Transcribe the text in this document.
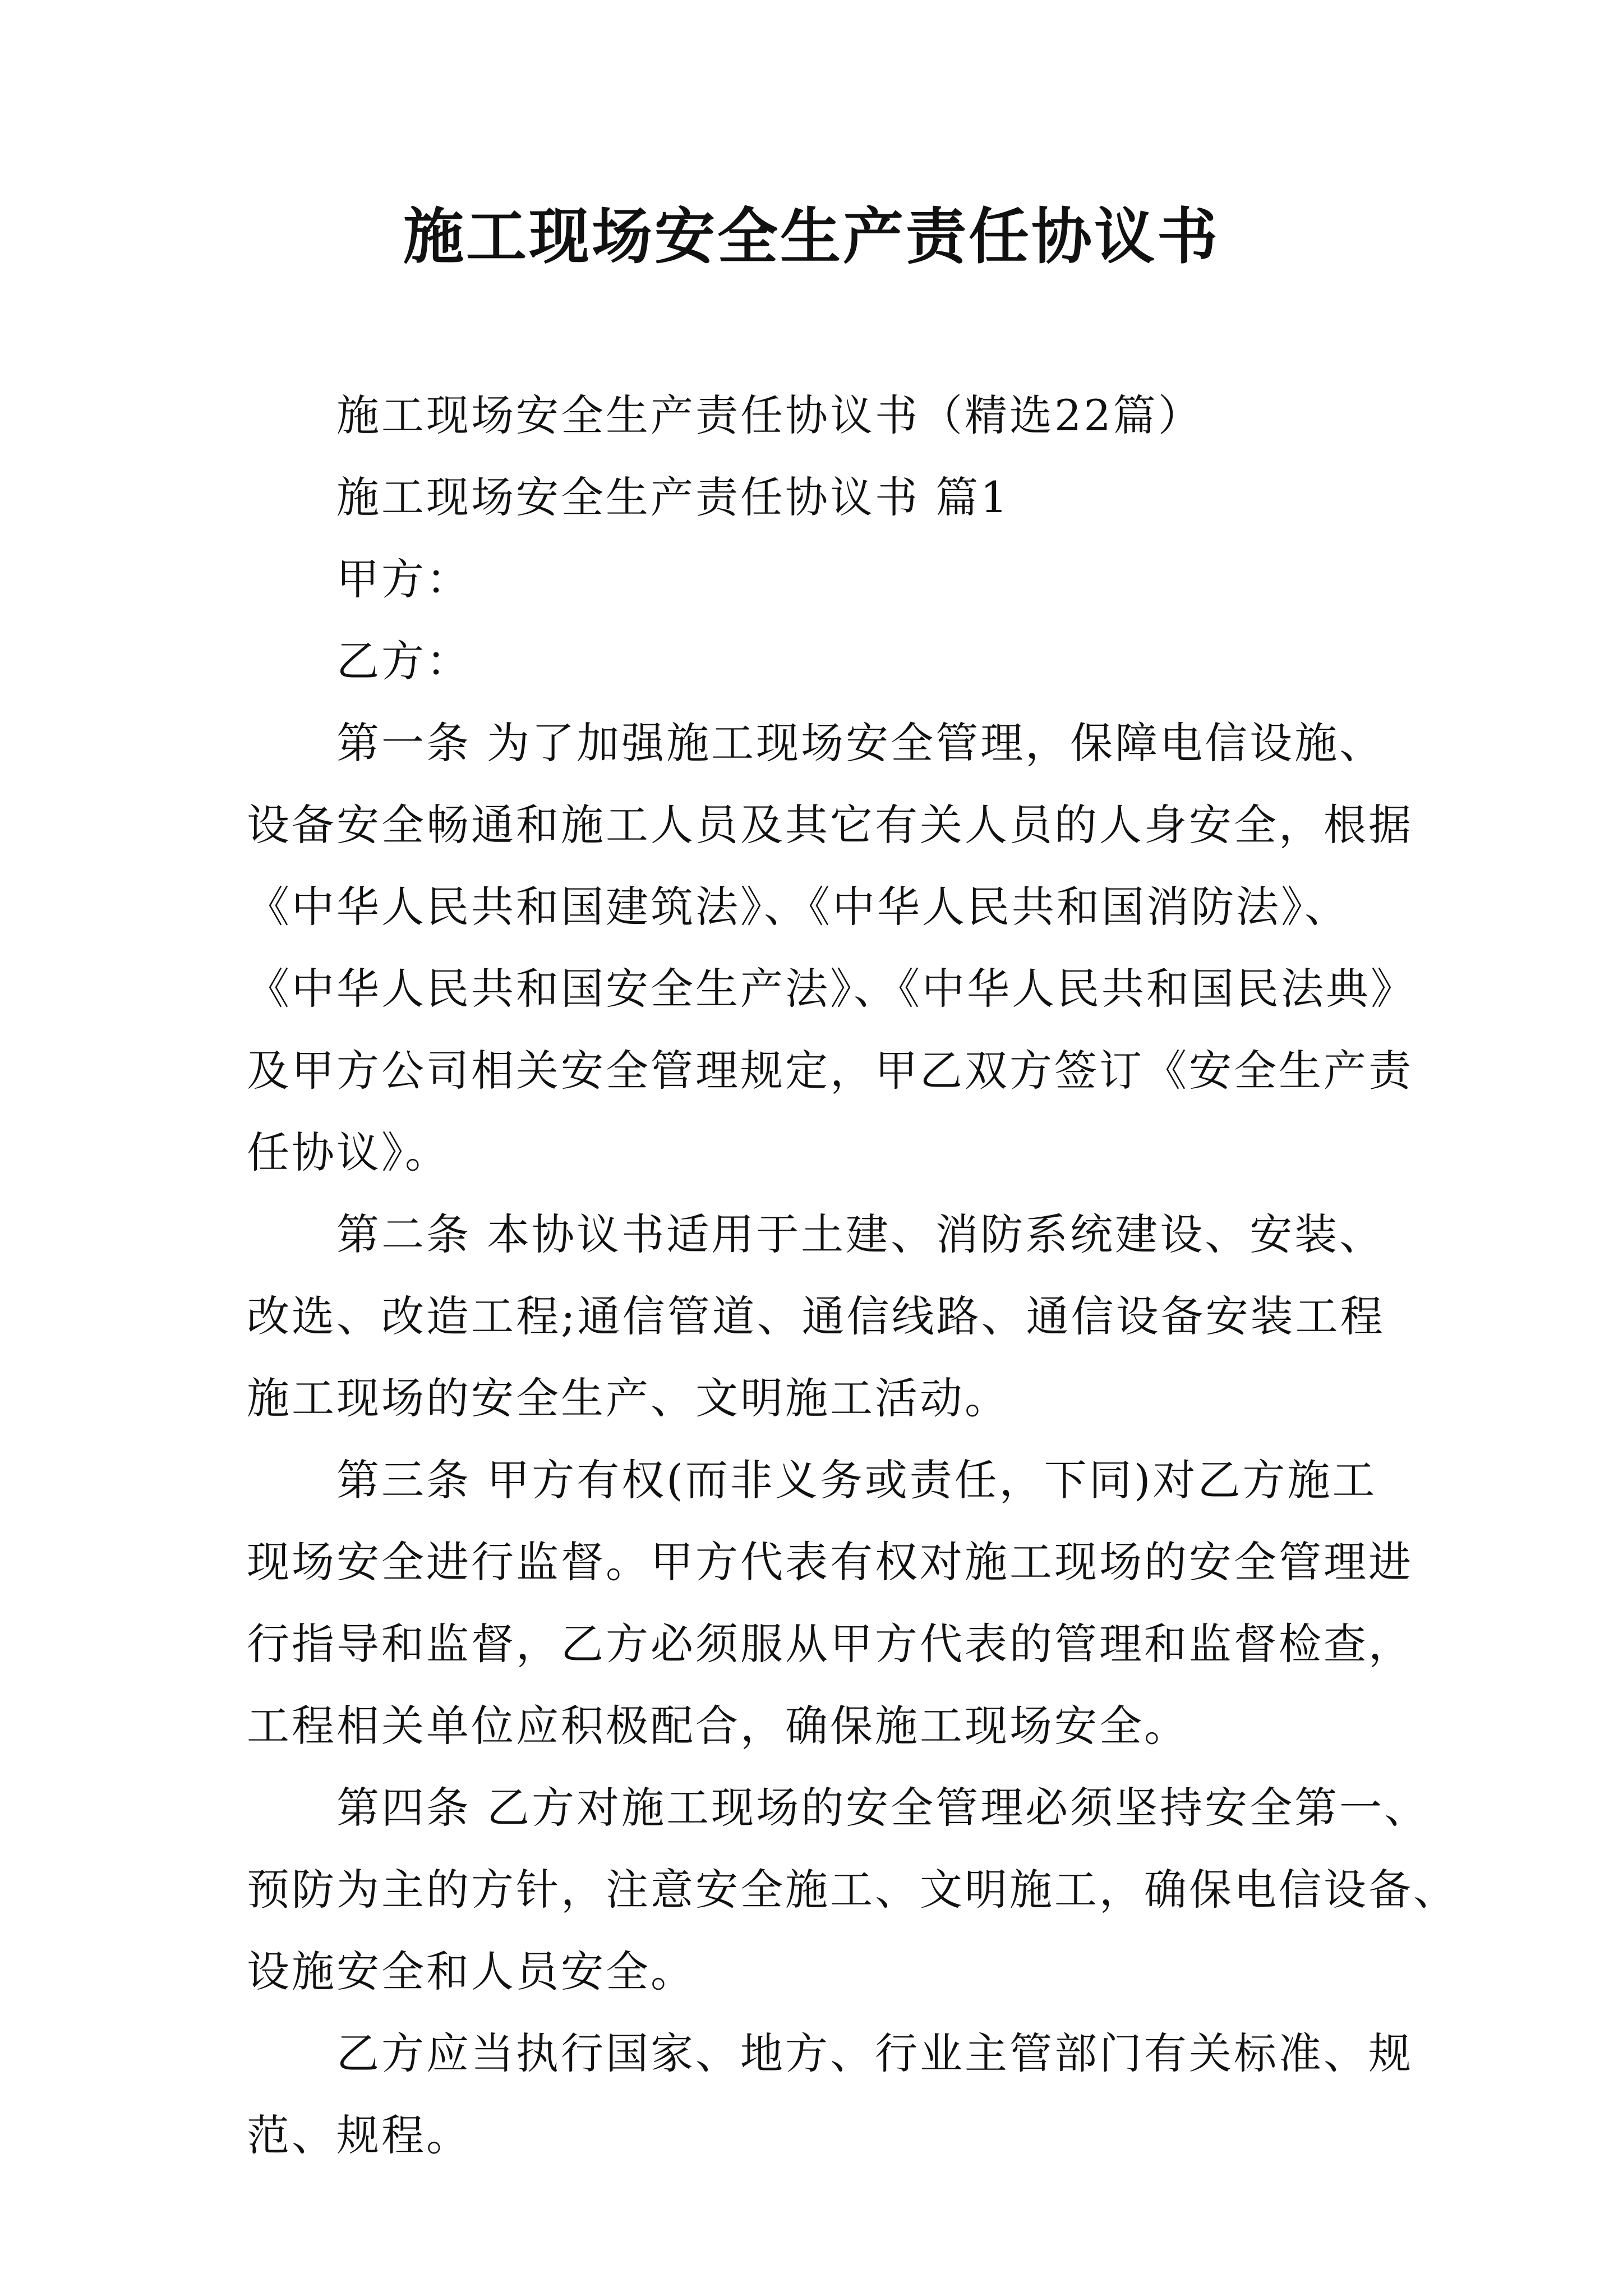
施工现场安全生产责任协议书

施工现场安全生产责任协议书（精选22篇）

施工现场安全生产责任协议书 篇1

甲方：

乙方：

第一条 为了加强施工现场安全管理，保障电信设施、
设备安全畅通和施工人员及其它有关人员的人身安全，根据
《中华人民共和国建筑法》、《中华人民共和国消防法》、
《中华人民共和国安全生产法》、《中华人民共和国民法典》
及甲方公司相关安全管理规定，甲乙双方签订《安全生产责
任协议》。

第二条 本协议书适用于土建、消防系统建设、安装、
改选、改造工程;通信管道、通信线路、通信设备安装工程
施工现场的安全生产、文明施工活动。

第三条 甲方有权(而非义务或责任，下同)对乙方施工
现场安全进行监督。甲方代表有权对施工现场的安全管理进
行指导和监督，乙方必须服从甲方代表的管理和监督检查，
工程相关单位应积极配合，确保施工现场安全。

第四条 乙方对施工现场的安全管理必须坚持安全第一、
预防为主的方针，注意安全施工、文明施工，确保电信设备、
设施安全和人员安全。

乙方应当执行国家、地方、行业主管部门有关标准、规
范、规程。
